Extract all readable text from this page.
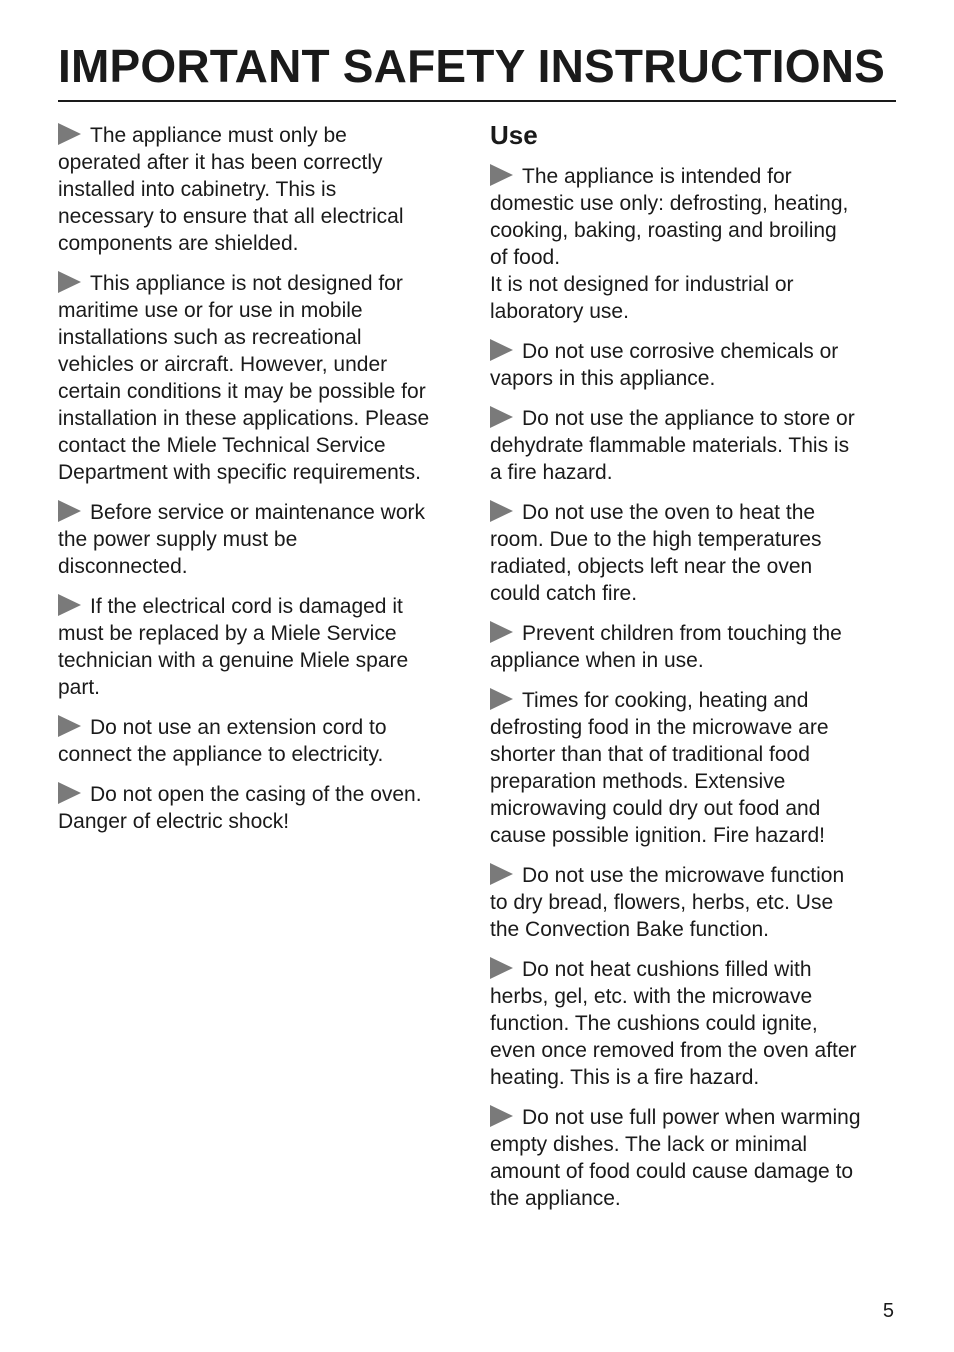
IMPORTANT SAFETY INSTRUCTIONS
The appliance must only be
operated after it has been correctly
installed into cabinetry. This is
necessary to ensure that all electrical
components are shielded.
This appliance is not designed for
maritime use or for use in mobile
installations such as recreational
vehicles or aircraft. However, under
certain conditions it may be possible for
installation in these applications. Please
contact the Miele Technical Service
Department with specific requirements.
Before service or maintenance work
the power supply must be
disconnected.
If the electrical cord is damaged it
must be replaced by a Miele Service
technician with a genuine Miele spare
part.
Do not use an extension cord to
connect the appliance to electricity.
Do not open the casing of the oven.
Danger of electric shock!
Use
The appliance is intended for
domestic use only: defrosting, heating,
cooking, baking, roasting and broiling
of food.
It is not designed for industrial or
laboratory use.
Do not use corrosive chemicals or
vapors in this appliance.
Do not use the appliance to store or
dehydrate flammable materials. This is
a fire hazard.
Do not use the oven to heat the
room. Due to the high temperatures
radiated, objects left near the oven
could catch fire.
Prevent children from touching the
appliance when in use.
Times for cooking, heating and
defrosting food in the microwave are
shorter than that of traditional food
preparation methods. Extensive
microwaving could dry out food and
cause possible ignition. Fire hazard!
Do not use the microwave function
to dry bread, flowers, herbs, etc. Use
the Convection Bake function.
Do not heat cushions filled with
herbs, gel, etc. with the microwave
function. The cushions could ignite,
even once removed from the oven after
heating. This is a fire hazard.
Do not use full power when warming
empty dishes. The lack or minimal
amount of food could cause damage to
the appliance.
5
